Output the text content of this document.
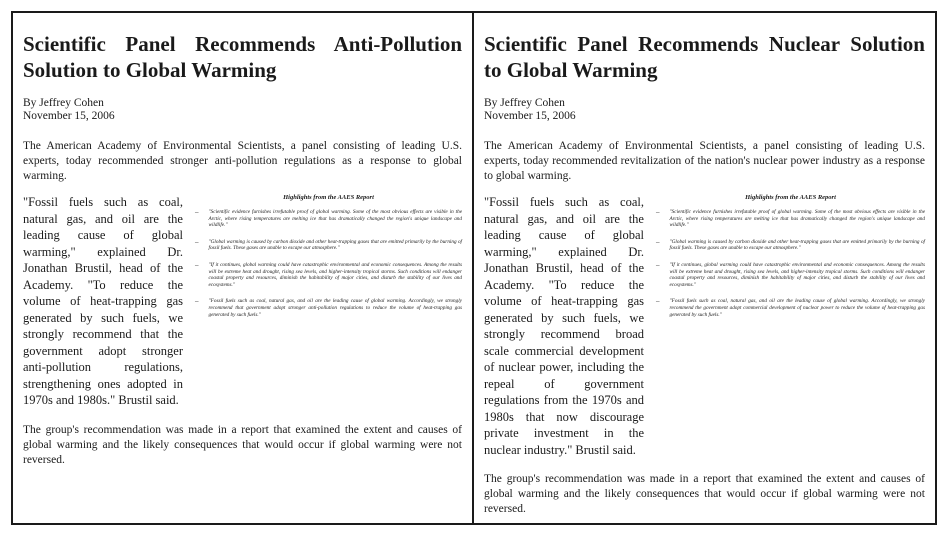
Scientific Panel Recommends Anti-Pollution Solution to Global Warming
By Jeffrey Cohen
November 15, 2006

The American Academy of Environmental Scientists, a panel consisting of leading U.S. experts, today recommended stronger anti-pollution regulations as a response to global warming.

"Fossil fuels such as coal, natural gas, and oil are the leading cause of global warming," explained Dr. Jonathan Brustil, head of the Academy. "To reduce the volume of heat-trapping gas generated by such fuels, we strongly recommend that the government adopt stronger anti-pollution regulations, strengthening ones adopted in 1970s and 1980s." Brustil said.

Highlights from the AAES Report
– "Scientific evidence furnishes irrefutable proof of global warming. Some of the most obvious effects are visible in the Arctic, where rising temperatures are melting ice that has dramatically changed the region's unique landscape and wildlife."
– "Global warming is caused by carbon dioxide and other heat-trapping gases that are emitted primarily by the burning of fossil fuels. These gases are unable to escape our atmosphere."
– "If it continues, global warming could have catastrophic environmental and economic consequences. Among the results will be extreme heat and drought, rising sea levels, and higher-intensity tropical storms. Such conditions will endanger coastal property and resources, diminish the habitability of major cities, and disturb the stability of our lives and ecosystems."
– "Fossil fuels such as coal, natural gas, and oil are the leading cause of global warming. Accordingly, we strongly recommend that government adopt stronger anti-pollution regulations to reduce the volume of heat-trapping gas generated by such fuels."

The group's recommendation was made in a report that examined the extent and causes of global warming and the likely consequences that would occur if global warming were not reversed.

Scientific Panel Recommends Nuclear Solution to Global Warming
By Jeffrey Cohen
November 15, 2006

The American Academy of Environmental Scientists, a panel consisting of leading U.S. experts, today recommended revitalization of the nation's nuclear power industry as a response to global warming.

"Fossil fuels such as coal, natural gas, and oil are the leading cause of global warming," explained Dr. Jonathan Brustil, head of the Academy. "To reduce the volume of heat-trapping gas generated by such fuels, we strongly recommend broad scale commercial development of nuclear power, including the repeal of government regulations from the 1970s and 1980s that now discourage private investment in the nuclear industry." Brustil said.

Highlights from the AAES Report
– "Scientific evidence furnishes irrefutable proof of global warming. Some of the most obvious effects are visible in the Arctic, where rising temperatures are melting ice that has dramatically changed the region's unique landscape and wildlife."
– "Global warming is caused by carbon dioxide and other heat-trapping gases that are emitted primarily by the burning of fossil fuels. These gases are unable to escape our atmosphere."
– "If it continues, global warming could have catastrophic environmental and economic consequences. Among the results will be extreme heat and drought, rising sea levels, and higher-intensity tropical storms. Such conditions will endanger coastal property and resources, diminish the habitability of major cities, and disturb the stability of our lives and ecosystems."
– "Fossil fuels such as coal, natural gas, and oil are the leading cause of global warming. Accordingly, we strongly recommend the government adopt commercial development of nuclear power to reduce the volume of heat-trapping gas generated by such fuels."

The group's recommendation was made in a report that examined the extent and causes of global warming and the likely consequences that would occur if global warming were not reversed.
